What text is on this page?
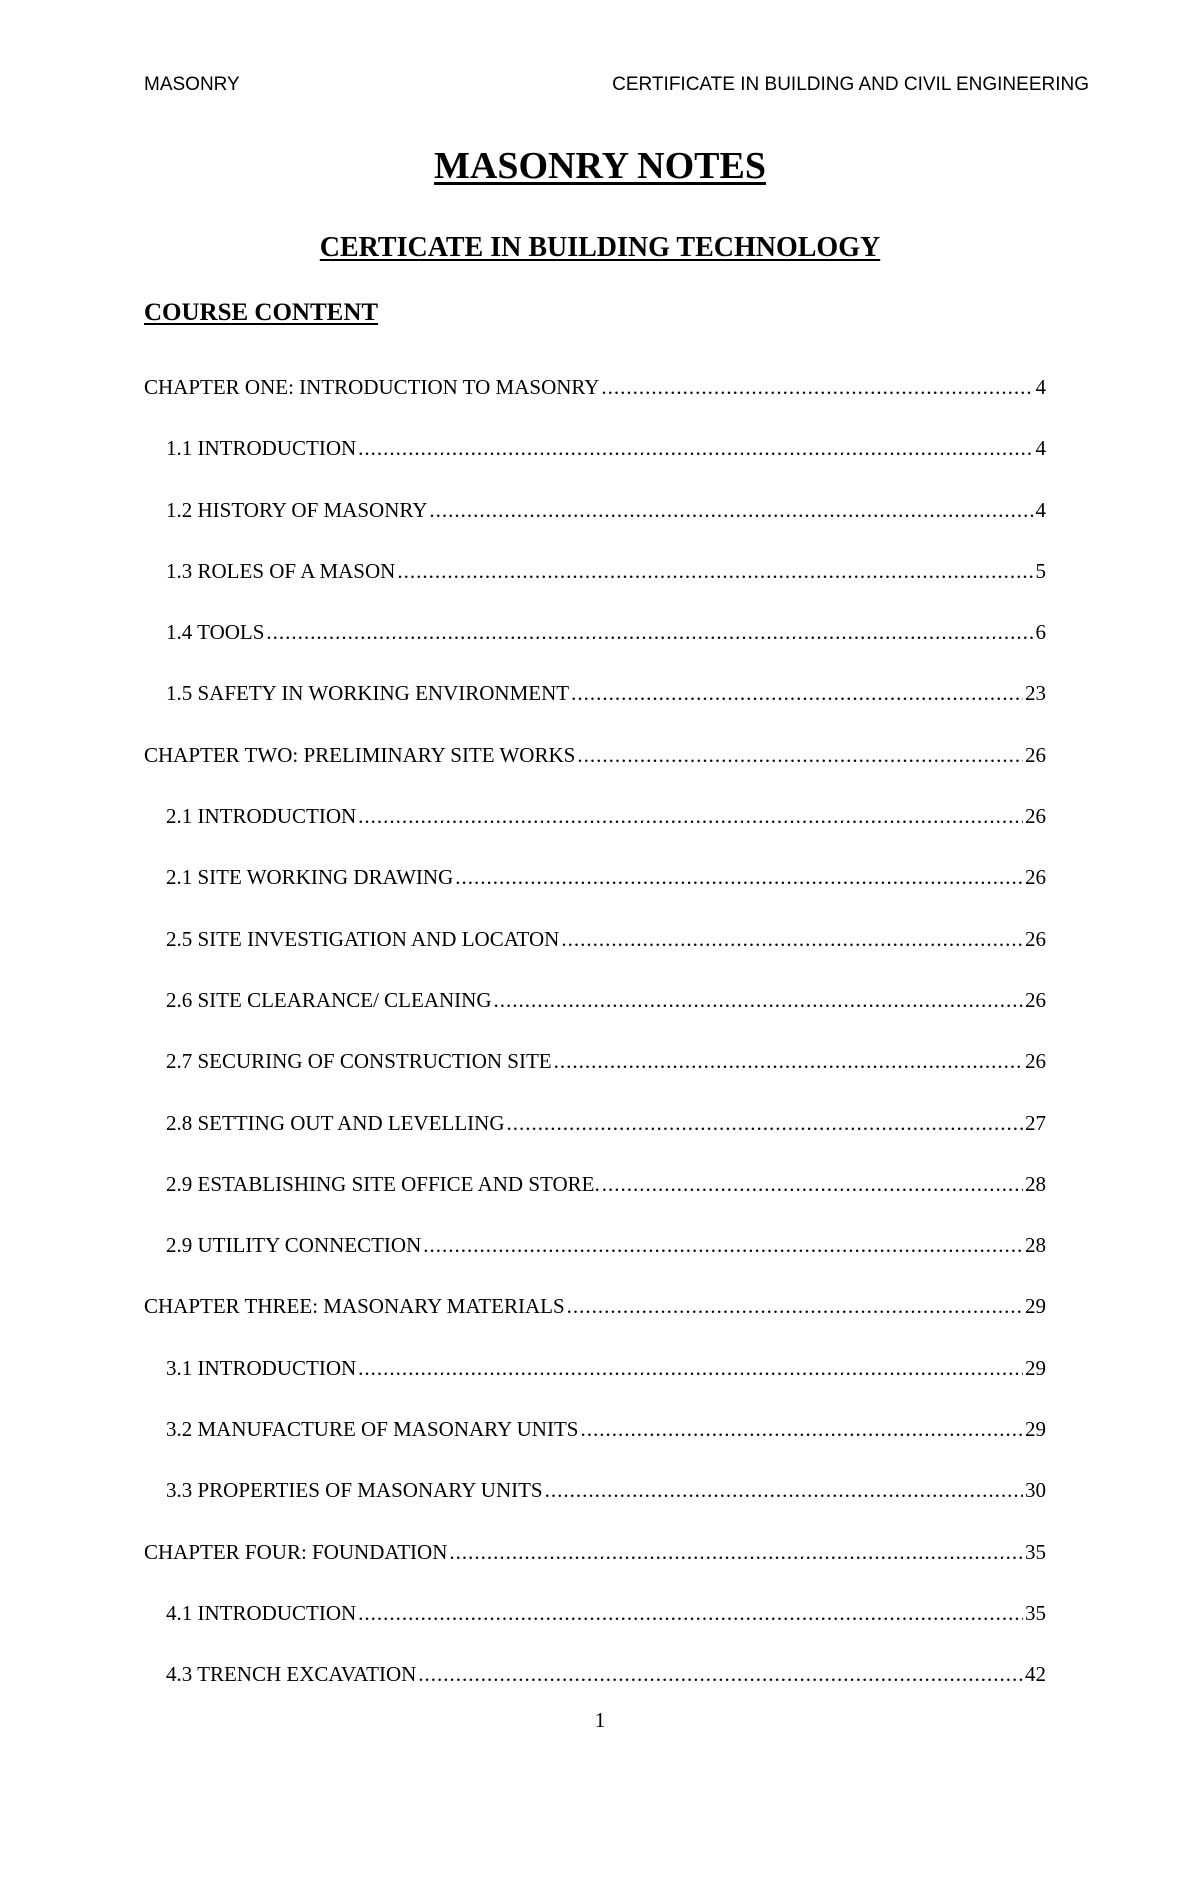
MASONRY	CERTIFICATE IN BUILDING AND CIVIL ENGINEERING
MASONRY NOTES
CERTICATE IN BUILDING TECHNOLOGY
COURSE CONTENT
CHAPTER ONE: INTRODUCTION TO MASONRY .....	4
1.1 INTRODUCTION .....	4
1.2 HISTORY OF MASONRY .....	4
1.3 ROLES OF A MASON .....	5
1.4 TOOLS .....	6
1.5 SAFETY IN WORKING ENVIRONMENT .....	23
CHAPTER TWO: PRELIMINARY SITE WORKS .....	26
2.1 INTRODUCTION .....	26
2.1 SITE WORKING DRAWING .....	26
2.5 SITE INVESTIGATION AND LOCATON .....	26
2.6 SITE CLEARANCE/ CLEANING .....	26
2.7 SECURING OF CONSTRUCTION SITE .....	26
2.8 SETTING OUT AND LEVELLING .....	27
2.9 ESTABLISHING SITE OFFICE AND STORE. .....	28
2.9 UTILITY CONNECTION .....	28
CHAPTER THREE: MASONARY MATERIALS .....	29
3.1 INTRODUCTION .....	29
3.2 MANUFACTURE OF MASONARY UNITS .....	29
3.3 PROPERTIES OF MASONARY UNITS .....	30
CHAPTER FOUR: FOUNDATION .....	35
4.1 INTRODUCTION .....	35
4.3 TRENCH EXCAVATION .....	42
1
